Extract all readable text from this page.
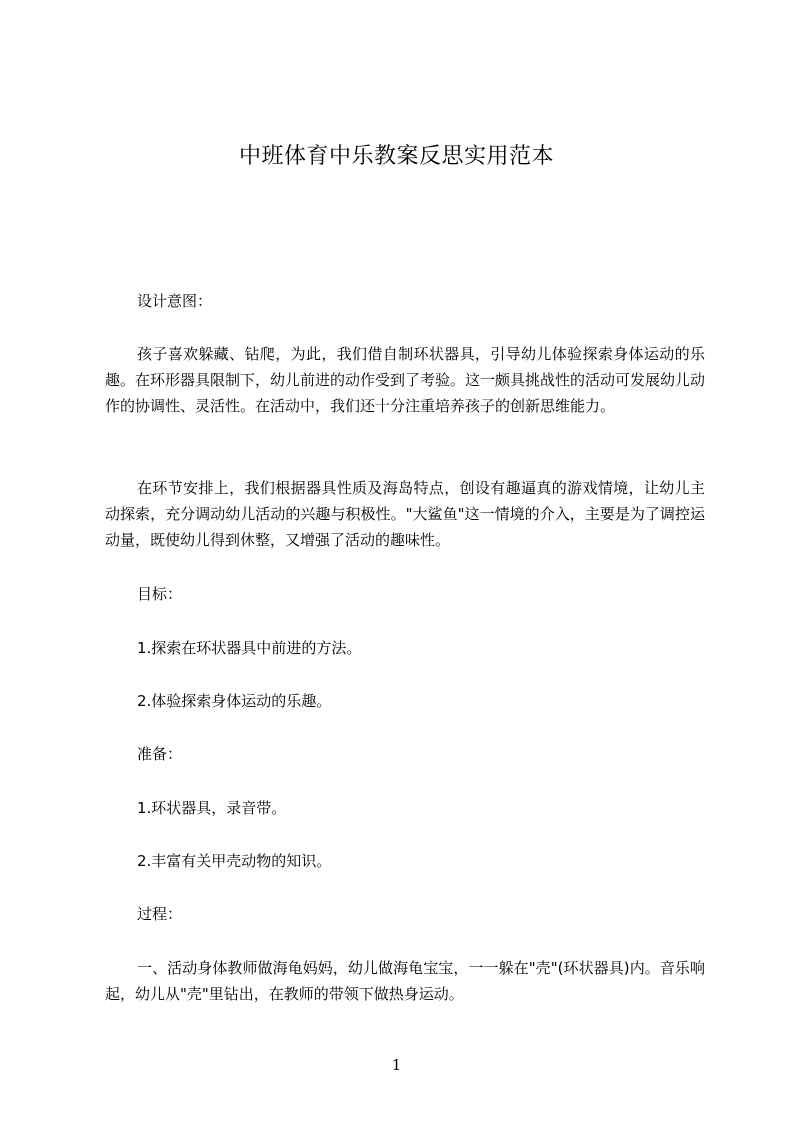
中班体育中乐教案反思实用范本

设计意图：

孩子喜欢躲藏、钻爬，为此，我们借自制环状器具，引导幼儿体验探索身体运动的乐趣。在环形器具限制下，幼儿前进的动作受到了考验。这一颇具挑战性的活动可发展幼儿动作的协调性、灵活性。在活动中，我们还十分注重培养孩子的创新思维能力。

在环节安排上，我们根据器具性质及海岛特点，创设有趣逼真的游戏情境，让幼儿主动探索，充分调动幼儿活动的兴趣与积极性。"大鲨鱼"这一情境的介入，主要是为了调控运动量，既使幼儿得到休整，又增强了活动的趣味性。

目标：

1.探索在环状器具中前进的方法。

2.体验探索身体运动的乐趣。

准备：

1.环状器具，录音带。

2.丰富有关甲壳动物的知识。

过程：

一、活动身体教师做海龟妈妈，幼儿做海龟宝宝，一一躲在"壳"(环状器具)内。音乐响起，幼儿从"壳"里钻出，在教师的带领下做热身运动。

1
